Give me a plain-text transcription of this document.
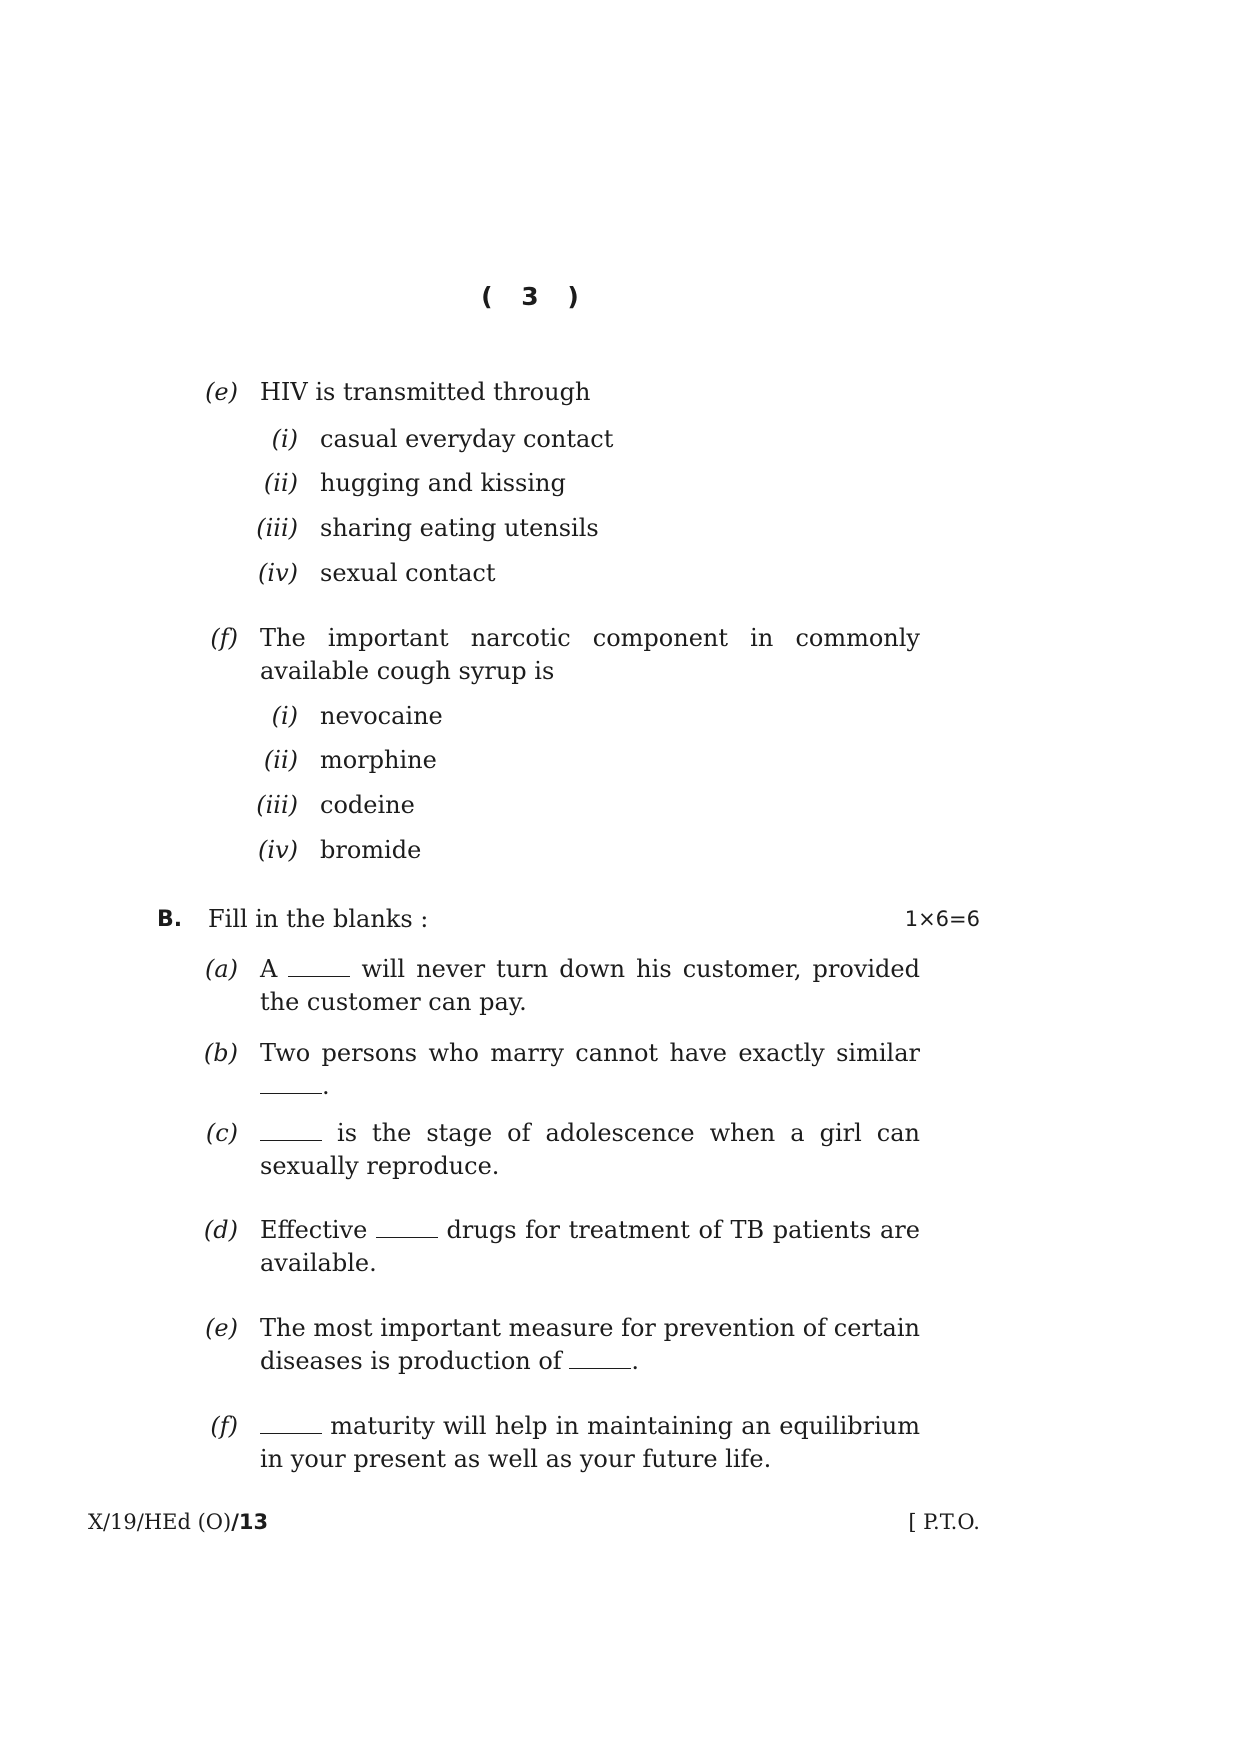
( 3 )
(e) HIV is transmitted through
(i) casual everyday contact
(ii) hugging and kissing
(iii) sharing eating utensils
(iv) sexual contact
(f) The important narcotic component in commonly available cough syrup is
(i) nevocaine
(ii) morphine
(iii) codeine
(iv) bromide
B. Fill in the blanks :	1×6=6
(a) A	will never turn down his customer, provided the customer can pay.
(b) Two persons who marry cannot have exactly similar .
(c)	is the stage of adolescence when a girl can sexually reproduce.
(d) Effective	drugs for treatment of TB patients are available.
(e) The most important measure for prevention of certain diseases is production of	.
(f)	maturity will help in maintaining an equilibrium in your present as well as your future life.
X/19/HEd (O)/13	[ P.T.O.
